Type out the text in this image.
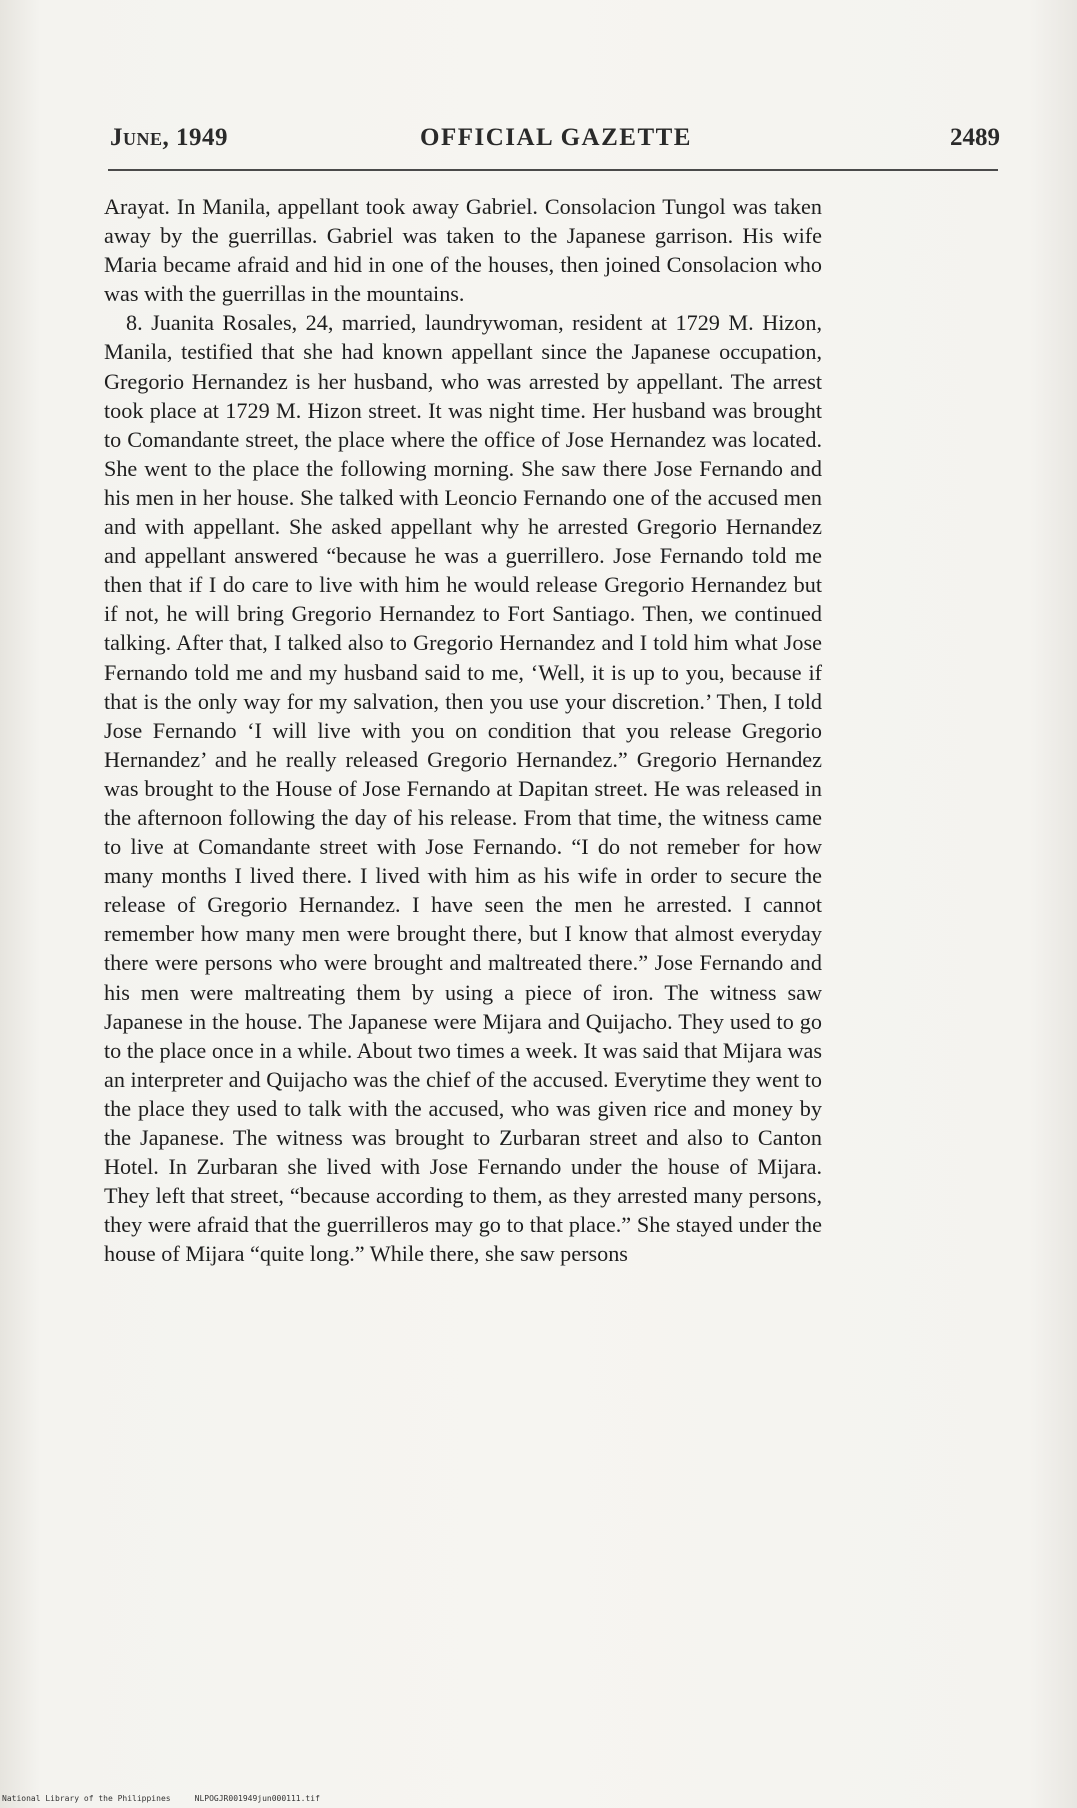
June, 1949	OFFICIAL GAZETTE	2489

Arayat. In Manila, appellant took away Gabriel. Consolacion Tungol was taken away by the guerrillas. Gabriel was taken to the Japanese garrison. His wife Maria became afraid and hid in one of the houses, then joined Consolacion who was with the guerrillas in the mountains.

8. Juanita Rosales, 24, married, laundrywoman, resident at 1729 M. Hizon, Manila, testified that she had known appellant since the Japanese occupation, Gregorio Hernandez is her husband, who was arrested by appellant. The arrest took place at 1729 M. Hizon street. It was night time. Her husband was brought to Comandante street, the place where the office of Jose Hernandez was located. She went to the place the following morning. She saw there Jose Fernando and his men in her house. She talked with Leoncio Fernando one of the accused men and with appellant. She asked appellant why he arrested Gregorio Hernandez and appellant answered “because he was a guerrillero. Jose Fernando told me then that if I do care to live with him he would release Gregorio Hernandez but if not, he will bring Gregorio Hernandez to Fort Santiago. Then, we continued talking. After that, I talked also to Gregorio Hernandez and I told him what Jose Fernando told me and my husband said to me, ‘Well, it is up to you, because if that is the only way for my salvation, then you use your discretion.’ Then, I told Jose Fernando ‘I will live with you on condition that you release Gregorio Hernandez’ and he really released Gregorio Hernandez.” Gregorio Hernandez was brought to the House of Jose Fernando at Dapitan street. He was released in the afternoon following the day of his release. From that time, the witness came to live at Comandante street with Jose Fernando. “I do not remeber for how many months I lived there. I lived with him as his wife in order to secure the release of Gregorio Hernandez. I have seen the men he arrested. I cannot remember how many men were brought there, but I know that almost everyday there were persons who were brought and maltreated there.” Jose Fernando and his men were maltreating them by using a piece of iron. The witness saw Japanese in the house. The Japanese were Mijara and Quijacho. They used to go to the place once in a while. About two times a week. It was said that Mijara was an interpreter and Quijacho was the chief of the accused. Everytime they went to the place they used to talk with the accused, who was given rice and money by the Japanese. The witness was brought to Zurbaran street and also to Canton Hotel. In Zurbaran she lived with Jose Fernando under the house of Mijara. They left that street, “because according to them, as they arrested many persons, they were afraid that the guerrilleros may go to that place.” She stayed under the house of Mijara “quite long.” While there, she saw persons

National Library of the Philippines     NLPOGJR001949jun000111.tif
